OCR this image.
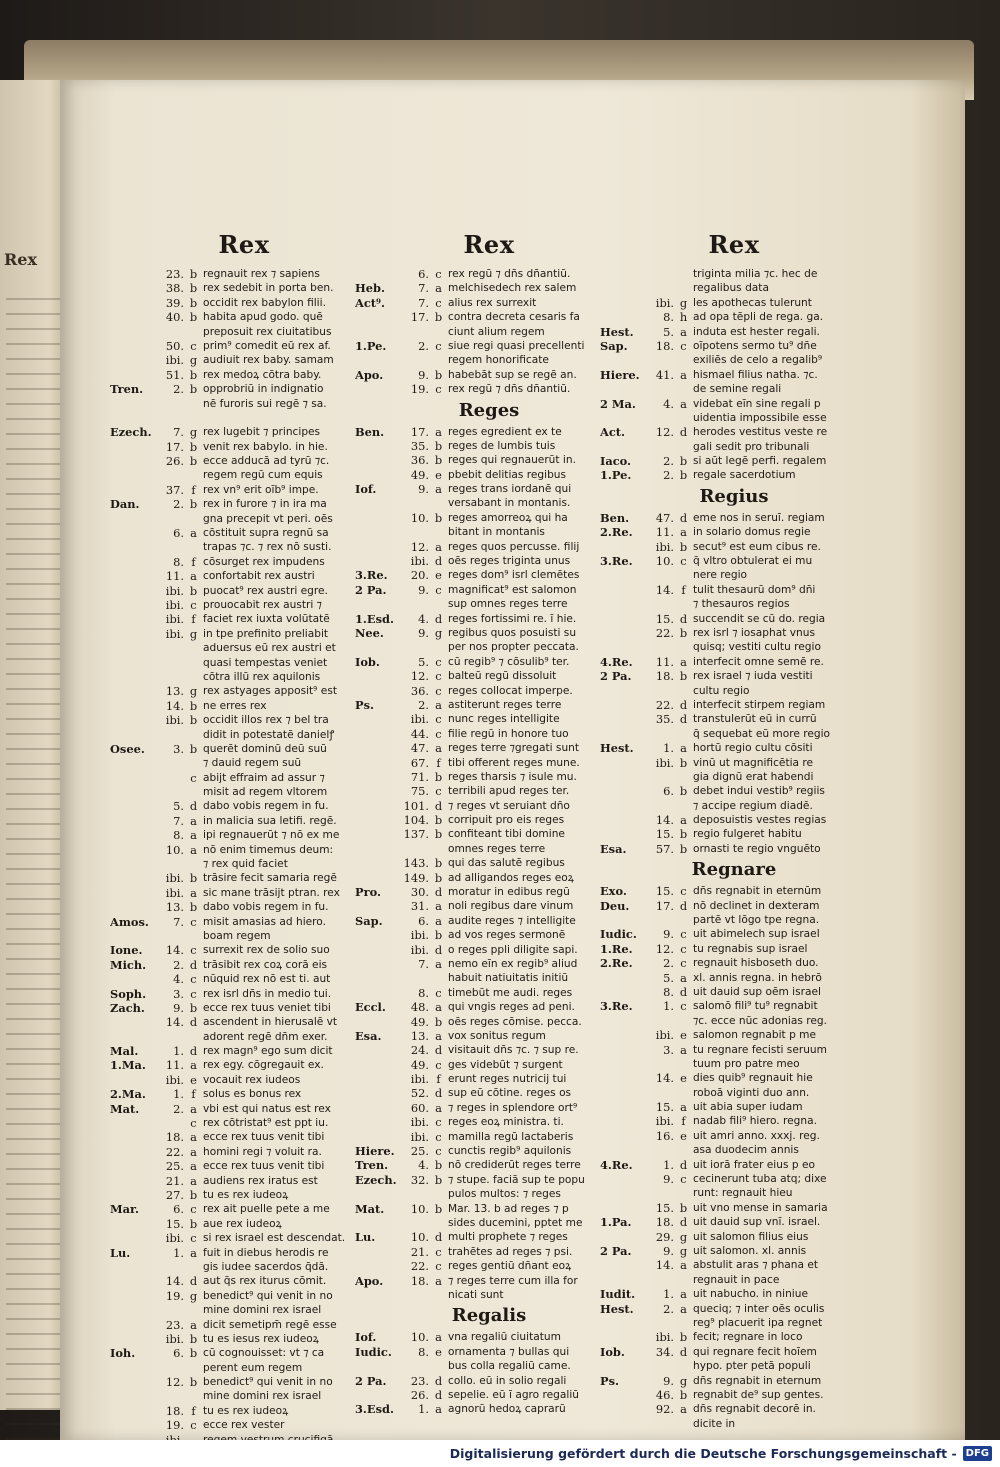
Rex
Rex
23. b regnauit rex ⁊ sapiens
38. b rex sedebit in porta ben.
39. b occidit rex babylon filii.
40. b habita apud godo. quē
preposuit rex ciuitatibus
50. c prim⁹ comedit eū rex af.
ibi. g audiuit rex baby. samam
51. b rex medoꝝ cōtra baby.
Tren.	2. b opprobriū in indignatio
nē furoris sui regē ⁊ sa.
Ezech.	7. g rex lugebit ⁊ principes
17. b venit rex babylo. in hie.
26. b ecce adducā ad tyrū ⁊c.
regem regū cum equis
37. f rex vn⁹ erit oīb⁹ impe.
Dan.	2. b rex in furore ⁊ in ira ma
gna precepit vt peri. oēs
6. a cōstituit supra regnū sa
trapas ⁊c. ⁊ rex nō susti.
8. f cōsurget rex impudens
11. a confortabit rex austri
ibi. b puocat⁹ rex austri egre.
ibi. c prouocabit rex austri ⁊
ibi. f faciet rex iuxta volūtatē
ibi. g in tpe prefinito preliabit
aduersus eū rex austri et
quasi tempestas veniet
cōtra illū rex aquilonis
13. g rex astyages apposit⁹ est
14. b ne erres rex
ibi. b occidit illos rex ⁊ bel tra
didit in potestatē danielꝭ
Osee.	3. b querēt dominū deū suū
⁊ dauid regem suū
c abijt effraim ad assur ⁊
misit ad regem vltorem
5. d dabo vobis regem in fu.
7. a in malicia sua letifi. regē.
8. a ipi regnauerūt ⁊ nō ex me
10. a nō enim timemus deum:
⁊ rex quid faciet
ibi. b trāsire fecit samaria regē
ibi. a sic mane trāsijt ptran. rex
13. b dabo vobis regem in fu.
Amos.	7. c misit amasias ad hiero.
boam regem
Ione.	14. c surrexit rex de solio suo
Mich.	2. d trāsibit rex coꝝ corā eis
4. c nūquid rex nō est ti. aut
Soph.	3. c rex isrl dn̄s in medio tui.
Zach.	9. b ecce rex tuus veniet tibi
14. d ascendent in hierusalē vt
adorent regē dn̄m exer.
Mal.	1. d rex magn⁹ ego sum dicit
1.Ma.	11. a rex egy. cōgregauit ex.
ibi. e vocauit rex iudeos
2.Ma.	1. f solus es bonus rex
Mat.	2. a vbi est qui natus est rex
c rex cōtristat⁹ est ppt iu.
18. a ecce rex tuus venit tibi
22. a homini regi ⁊ voluit ra.
25. a ecce rex tuus venit tibi
21. a audiens rex iratus est
27. b tu es rex iudeoꝝ
Mar.	6. c rex ait puelle pete a me
15. b aue rex iudeoꝝ
ibi. c si rex israel est descendat.
Lu.	1. a fuit in diebus herodis re
gis iudee sacerdos q̄dā.
14. d aut q̄s rex iturus cōmit.
19. g benedict⁹ qui venit in no
mine domini rex israel
23. a dicit semetipm̄ regē esse
ibi. b tu es iesus rex iudeoꝝ
Ioh.	6. b cū cognouisset: vt ⁊ ca
perent eum regem
12. b benedict⁹ qui venit in no
mine domini rex israel
18. f tu es rex iudeoꝝ
19. c ecce rex vester
Rex
6. c rex regū ⁊ dn̄s dn̄antiū.
Heb.	7. a melchisedech rex salem
Act⁹.	7. c alius rex surrexit
17. b contra decreta cesaris fa
ciunt alium regem
1.Pe.	2. c siue regi quasi precellenti
regem honorificate
Apo.	9. b habebāt sup se regē an.
19. c rex regū ⁊ dn̄s dn̄antiū.
Reges
Ben.	17. a reges egredient ex te
35. b reges de lumbis tuis
36. b reges qui regnauerūt in.
49. e pbebit delitias regibus
Iof.	9. a reges trans iordanē qui
versabant in montanis.
10. b reges amorreoꝝ qui ha
bitant in montanis
12. a reges quos percusse. filij
ibi. d oēs reges triginta unus
3.Re.	20. e reges dom⁹ isrl clemētes
2 Pa.	9. c magnificat⁹ est salomon
sup omnes reges terre
1.Esd.	4. d reges fortissimi re. ī hie.
Nee.	9. g regibus quos posuisti su
per nos propter peccata.
Iob.	5. c cū regib⁹ ⁊ cōsulib⁹ ter.
12. c balteū regū dissoluit
36. c reges collocat imperpe.
Ps.	2. a astiterunt reges terre
ibi. c nunc reges intelligite
44. c filie regū in honore tuo
47. a reges terre ⁊gregati sunt
67. f tibi offerent reges mune.
71. b reges tharsis ⁊ isule mu.
75. c terribili apud reges ter.
101. d ⁊ reges vt seruiant dn̄o
104. b corripuit pro eis reges
137. b confiteant tibi domine
omnes reges terre
143. b qui das salutē regibus
149. b ad alligandos reges eoꝝ
Pro.	30. d moratur in edibus regū
31. a noli regibus dare vinum
Sap.	6. a audite reges ⁊ intelligite
ibi. b ad vos reges sermonē
ibi. d o reges ppli diligite sapi.
7. a nemo eīn ex regib⁹ aliud
habuit natiuitatis initiū
8. c timebūt me audi. reges
Eccl.	48. a qui vngis reges ad peni.
49. b oēs reges cōmise. pecca.
Esa.	13. a vox sonitus regum
24. d visitauit dn̄s ⁊c. ⁊ sup re.
49. c ges videbūt ⁊ surgent
ibi. f erunt reges nutricij tui
52. d sup eū cōtine. reges os
60. a ⁊ reges in splendore ort⁹
ibi. c reges eoꝝ ministra. ti.
ibi. c mamilla regū lactaberis
Hiere.	25. c cunctis regib⁹ aquilonis
Tren.	4. b nō crediderūt reges terre
Ezech.	32. b ⁊ stupe. faciā sup te popu
pulos multos: ⁊ reges
Mat.	10. b Mar. 13. b ad reges ⁊ p
sides ducemini, pptet me
Lu.	10. d multi prophete ⁊ reges
21. c trahētes ad reges ⁊ psi.
22. c reges gentiū dn̄ant eoꝝ
Apo.	18. a ⁊ reges terre cum illa for
nicati sunt
Regalis
Iof.	10. a vna regaliū ciuitatum
Iudic.	8. e ornamenta ⁊ bullas qui
bus colla regaliū came.
2 Pa.	23. d collo. eū in solio regali
26. d sepelie. eū ī agro regaliū
3.Esd.	1. a agnorū hedoꝝ caprarū
Rex
triginta milia ⁊c. hec de
regalibus data
ibi. g les apothecas tulerunt
8. h ad opa tēpli de rega. ga.
Hest.	5. a induta est hester regali.
Sap.	18. c oīpotens sermo tu⁹ dn̄e
exiliēs de celo a regalib⁹
Hiere.	41. a hismael filius natha. ⁊c.
de semine regali
2 Ma.	4. a videbat eīn sine regali p
uidentia impossibile esse
Act.	12. d herodes vestitus veste re
gali sedit pro tribunali
Iaco.	2. b si aūt legē perfi. regalem
1.Pe.	2. b regale sacerdotium
Regius
Ben.	47. d eme nos in seruī. regiam
2.Re.	11. a in solario domus regie
ibi. b secut⁹ est eum cibus re.
3.Re.	10. c q̄ vltro obtulerat ei mu
nere regio
14. f tulit thesaurū dom⁹ dn̄i
⁊ thesauros regios
15. d succendit se cū do. regia
22. b rex isrl ⁊ iosaphat vnus
quisq; vestiti cultu regio
4.Re.	11. a interfecit omne semē re.
2 Pa.	18. b rex israel ⁊ iuda vestiti
cultu regio
22. d interfecit stirpem regiam
35. d transtulerūt eū in currū
q̄ sequebat eū more regio
Hest.	1. a hortū regio cultu cōsiti
ibi. b vinū ut magnificētia re
gia dignū erat habendi
6. b debet indui vestib⁹ regiis
⁊ accipe regium diadē.
14. a deposuistis vestes regias
15. b regio fulgeret habitu
Esa.	57. b ornasti te regio vnguēto
Regnare
Exo.	15. c dn̄s regnabit in eternūm
Deu.	17. d nō declinet in dexteram
partē vt lōgo tpe regna.
Iudic.	9. c uit abimelech sup israel
1.Re.	12. c tu regnabis sup israel
2.Re.	2. c regnauit hisboseth duo.
5. a xl. annis regna. in hebrō
8. d uit dauid sup oēm israel
3.Re.	1. c salomō fili⁹ tu⁹ regnabit
⁊c. ecce nūc adonias reg.
ibi. e salomon regnabit p me
3. a tu regnare fecisti seruum
tuum pro patre meo
14. e dies quib⁹ regnauit hie
roboā viginti duo ann.
15. a uit abia super iudam
ibi. f nadab fili⁹ hiero. regna.
16. e uit amri anno. xxxj. reg.
asa duodecim annis
4.Re.	1. d uit iorā frater eius p eo
9. c cecinerunt tuba atq; dixe
runt: regnauit hieu
15. b uit vno mense in samaria
1.Pa.	18. d uit dauid sup vnī. israel.
29. g uit salomon filius eius
2 Pa.	9. g uit salomon. xl. annis
14. a abstulit aras ⁊ phana et
regnauit in pace
Iudit.	1. a uit nabucho. in niniue
Hest.	2. a queciq; ⁊ inter oēs oculis
reg⁹ placuerit ipa regnet
ibi. b fecit; regnare in loco
Iob.	34. d qui regnare fecit hoīem
hypo. pter petā populi
Ps.	9. g dn̄s regnabit in eternum
46. b regnabit de⁹ sup gentes.
92. a dn̄s regnabit decorē in.
dicite in
Digitalisierung gefördert durch die Deutsche Forschungsgemeinschaft - DFG
